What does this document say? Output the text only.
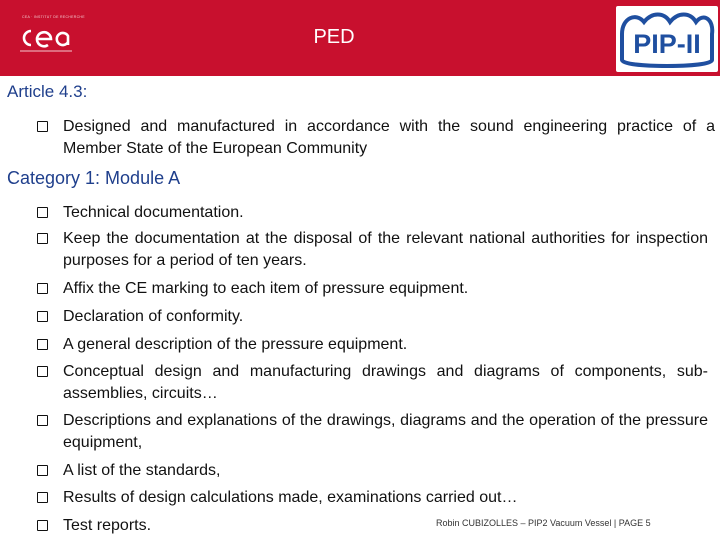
CEA · INSTITUT DE RECHERCHE
PED	PIP-II
Article 4.3:
Designed and manufactured in accordance with the sound engineering practice of a Member State of the European Community
Category 1: Module A
Technical documentation.
Keep the documentation at the disposal of the relevant national authorities for inspection purposes for a period of ten years.
Affix the CE marking to each item of pressure equipment.
Declaration of conformity.
A general description of the pressure equipment.
Conceptual design and manufacturing drawings and diagrams of components, sub-assemblies, circuits…
Descriptions and explanations of the drawings, diagrams and the operation of the pressure equipment,
A list of the standards,
Results of design calculations made, examinations carried out…
Test reports.	Robin CUBIZOLLES – PIP2 Vacuum Vessel | PAGE 5
